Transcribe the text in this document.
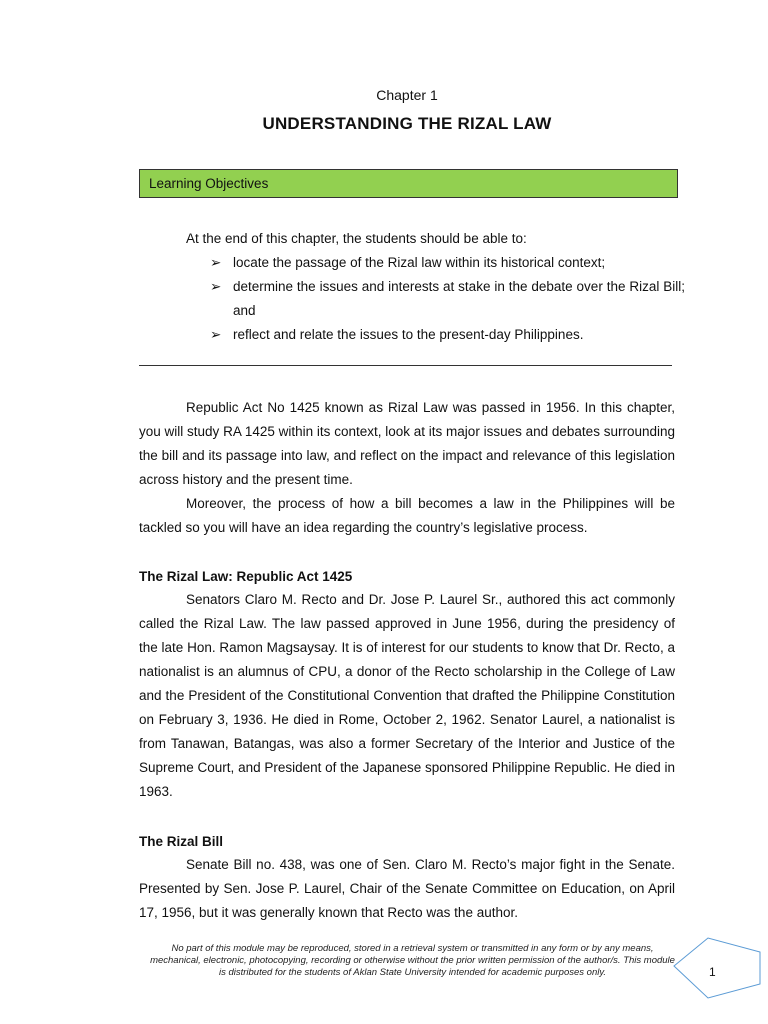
Chapter 1
UNDERSTANDING THE RIZAL LAW
Learning Objectives
At the end of this chapter, the students should be able to:
➢ locate the passage of the Rizal law within its historical context;
➢ determine the issues and interests at stake in the debate over the Rizal Bill; and
➢ reflect and relate the issues to the present-day Philippines.
Republic Act No 1425 known as Rizal Law was passed in 1956. In this chapter, you will study RA 1425 within its context, look at its major issues and debates surrounding the bill and its passage into law, and reflect on the impact and relevance of this legislation across history and the present time.
Moreover, the process of how a bill becomes a law in the Philippines will be tackled so you will have an idea regarding the country’s legislative process.
The Rizal Law: Republic Act 1425
Senators Claro M. Recto and Dr. Jose P. Laurel Sr., authored this act commonly called the Rizal Law. The law passed approved in June 1956, during the presidency of the late Hon. Ramon Magsaysay. It is of interest for our students to know that Dr. Recto, a nationalist is an alumnus of CPU, a donor of the Recto scholarship in the College of Law and the President of the Constitutional Convention that drafted the Philippine Constitution on February 3, 1936. He died in Rome, October 2, 1962. Senator Laurel, a nationalist is from Tanawan, Batangas, was also a former Secretary of the Interior and Justice of the Supreme Court, and President of the Japanese sponsored Philippine Republic. He died in 1963.
The Rizal Bill
Senate Bill no. 438, was one of Sen. Claro M. Recto’s major fight in the Senate. Presented by Sen. Jose P. Laurel, Chair of the Senate Committee on Education, on April 17, 1956, but it was generally known that Recto was the author.
No part of this module may be reproduced, stored in a retrieval system or transmitted in any form or by any means, mechanical, electronic, photocopying, recording or otherwise without the prior written permission of the author/s. This module is distributed for the students of Aklan State University intended for academic purposes only.	1
